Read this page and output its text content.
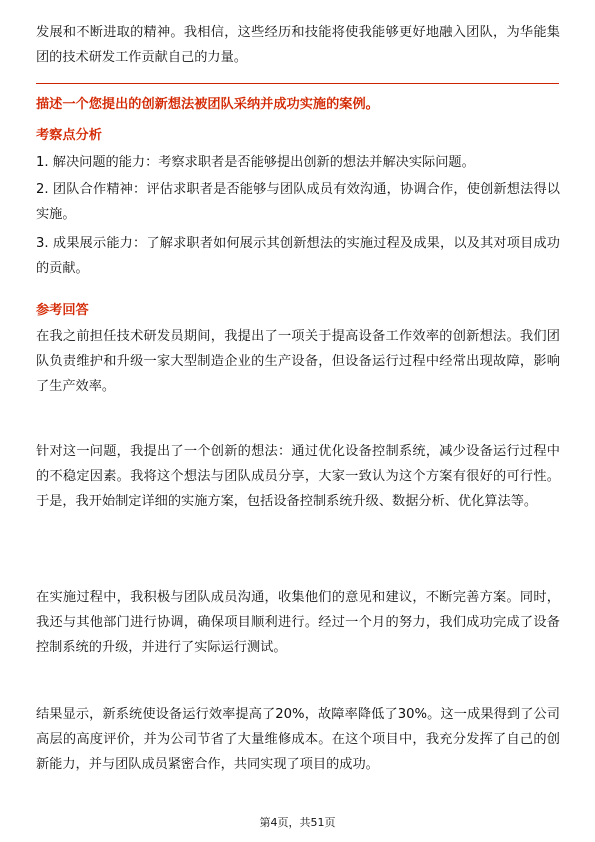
发展和不断进取的精神。我相信，这些经历和技能将使我能够更好地融入团队，为华能集团的技术研发工作贡献自己的力量。

描述一个您提出的创新想法被团队采纳并成功实施的案例。

考察点分析

1. 解决问题的能力：考察求职者是否能够提出创新的想法并解决实际问题。

2. 团队合作精神：评估求职者是否能够与团队成员有效沟通，协调合作，使创新想法得以实施。

3. 成果展示能力：了解求职者如何展示其创新想法的实施过程及成果，以及其对项目成功的贡献。

参考回答

在我之前担任技术研发员期间，我提出了一项关于提高设备工作效率的创新想法。我们团队负责维护和升级一家大型制造企业的生产设备，但设备运行过程中经常出现故障，影响了生产效率。

针对这一问题，我提出了一个创新的想法：通过优化设备控制系统，减少设备运行过程中的不稳定因素。我将这个想法与团队成员分享，大家一致认为这个方案有很好的可行性。于是，我开始制定详细的实施方案，包括设备控制系统升级、数据分析、优化算法等。

在实施过程中，我积极与团队成员沟通，收集他们的意见和建议，不断完善方案。同时，我还与其他部门进行协调，确保项目顺利进行。经过一个月的努力，我们成功完成了设备控制系统的升级，并进行了实际运行测试。

结果显示，新系统使设备运行效率提高了20%，故障率降低了30%。这一成果得到了公司高层的高度评价，并为公司节省了大量维修成本。在这个项目中，我充分发挥了自己的创新能力，并与团队成员紧密合作，共同实现了项目的成功。

第4页，共51页
